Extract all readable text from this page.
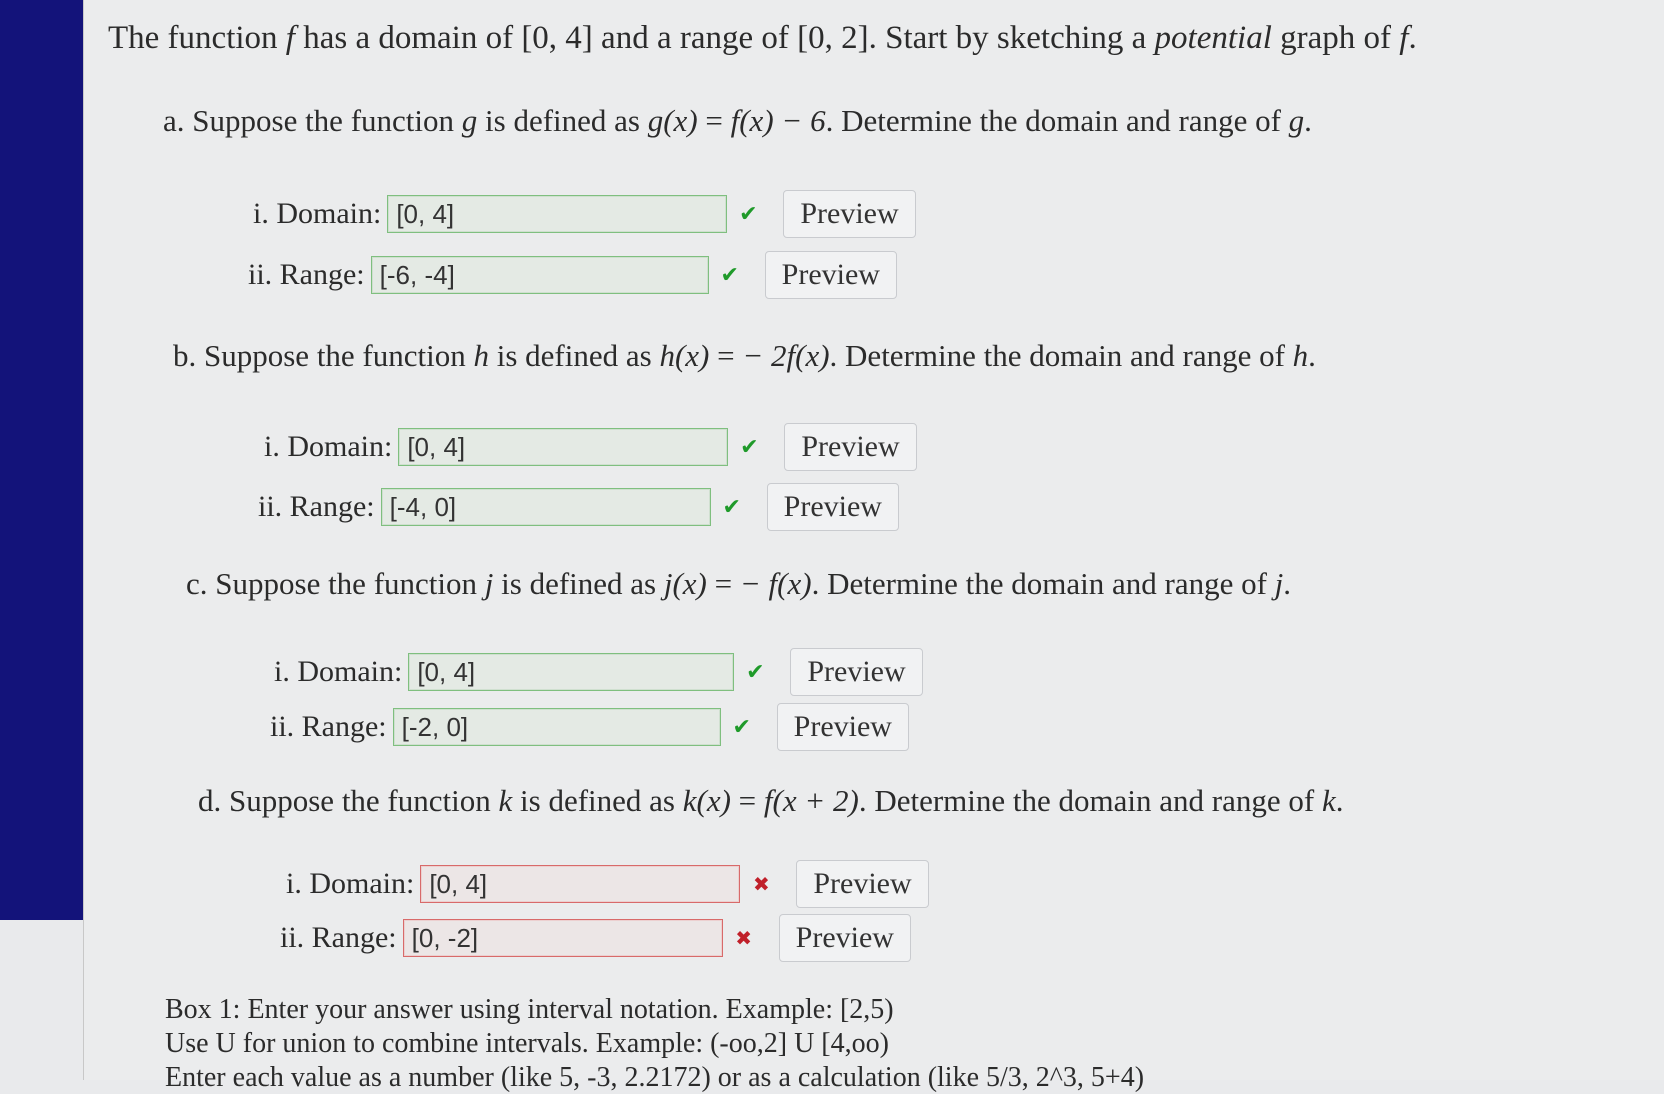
The function f has a domain of [0, 4] and a range of [0, 2]. Start by sketching a potential graph of f.
a. Suppose the function g is defined as g(x) = f(x) − 6. Determine the domain and range of g.
i. Domain: [0, 4]	✔	Preview
ii. Range: [-6, -4]	✔	Preview
b. Suppose the function h is defined as h(x) = − 2f(x). Determine the domain and range of h.
i. Domain: [0, 4]	✔	Preview
ii. Range: [-4, 0]	✔	Preview
c. Suppose the function j is defined as j(x) = − f(x). Determine the domain and range of j.
i. Domain: [0, 4]	✔	Preview
ii. Range: [-2, 0]	✔	Preview
d. Suppose the function k is defined as k(x) = f(x + 2). Determine the domain and range of k.
i. Domain: [0, 4]	✖	Preview
ii. Range: [0, -2]	✖	Preview
Box 1: Enter your answer using interval notation. Example: [2,5)
Use U for union to combine intervals. Example: (-oo,2] U [4,oo)
Enter each value as a number (like 5, -3, 2.2172) or as a calculation (like 5/3, 2^3, 5+4)
